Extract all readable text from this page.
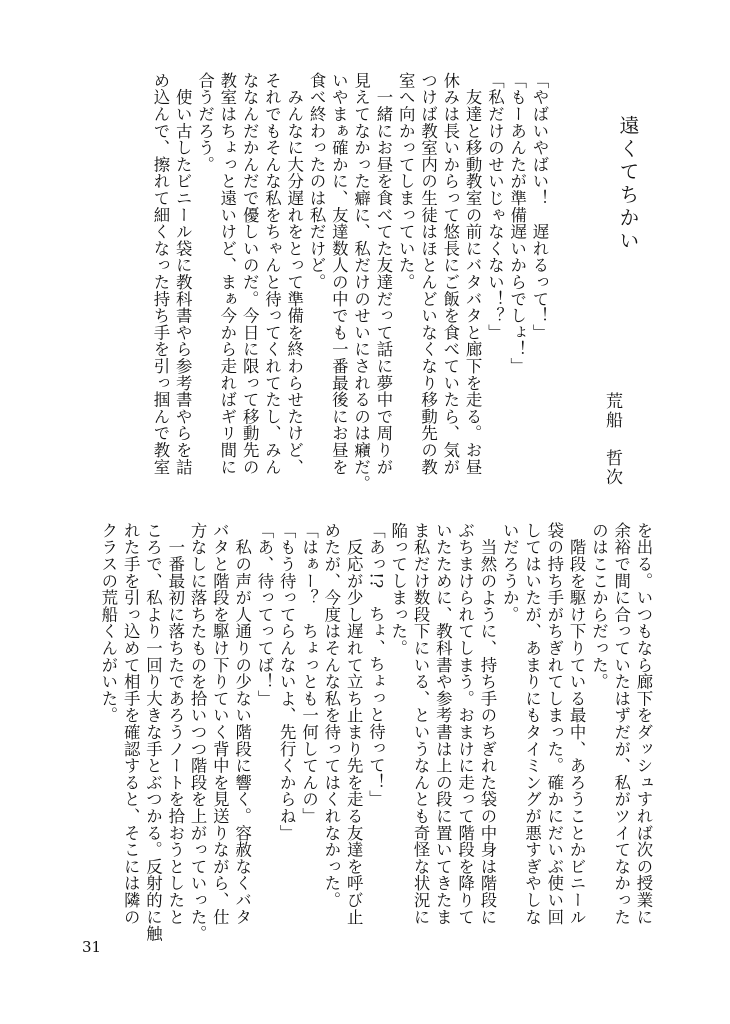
遠くてちかい
荒船　哲次
「やばいやばい！　遅れるって！」
「もーあんたが準備遅いからでしょ！」
「私だけのせいじゃなくない！？」
　友達と移動教室の前にバタバタと廊下を走る。お昼
休みは長いからって悠長にご飯を食べていたら、気が
つけば教室内の生徒はほとんどいなくなり移動先の教
室へ向かってしまっていた。
　一緒にお昼を食べてた友達だって話に夢中で周りが
見えてなかった癖に、私だけのせいにされるのは癪だ。
いやまぁ確かに、友達数人の中でも一番最後にお昼を
食べ終わったのは私だけど。
　みんなに大分遅れをとって準備を終わらせたけど、
それでもそんな私をちゃんと待ってくれてたし、みん
ななんだかんだで優しいのだ。今日に限って移動先の
教室はちょっと遠いけど、まぁ今から走ればギリ間に
合うだろう。
　使い古したビニール袋に教科書やら参考書やらを詰
め込んで、擦れて細くなった持ち手を引っ掴んで教室
を出る。いつもなら廊下をダッシュすれば次の授業に
余裕で間に合っていたはずだが、私がツイてなかった
のはここからだった。
　階段を駆け下りている最中、あろうことかビニール
袋の持ち手がちぎれてしまった。確かにだいぶ使い回
してはいたが、あまりにもタイミングが悪すぎやしな
いだろうか。
　当然のように、持ち手のちぎれた袋の中身は階段に
ぶちまけられてしまう。おまけに走って階段を降りて
いたために、教科書や参考書は上の段に置いてきたま
ま私だけ数段下にいる、というなんとも奇怪な状況に
陥ってしまった。
「あっ!?　ちょ、ちょっと待って！」
　反応が少し遅れて立ち止まり先を走る友達を呼び止
めたが、今度はそんな私を待ってはくれなかった。
「はぁー？　ちょっとも一何してんの」
「もう待ってらんないよ、先行くからね」
「あ、待ってってば！」
　私の声が人通りの少ない階段に響く。容赦なくバタ
バタと階段を駆け下りていく背中を見送りながら、仕
方なしに落ちたものを拾いつつ階段を上がっていった。
　一番最初に落ちたであろうノートを拾おうとしたと
ころで、私より一回り大きな手とぶつかる。反射的に触
れた手を引っ込めて相手を確認すると、そこには隣の
クラスの荒船くんがいた。
31
